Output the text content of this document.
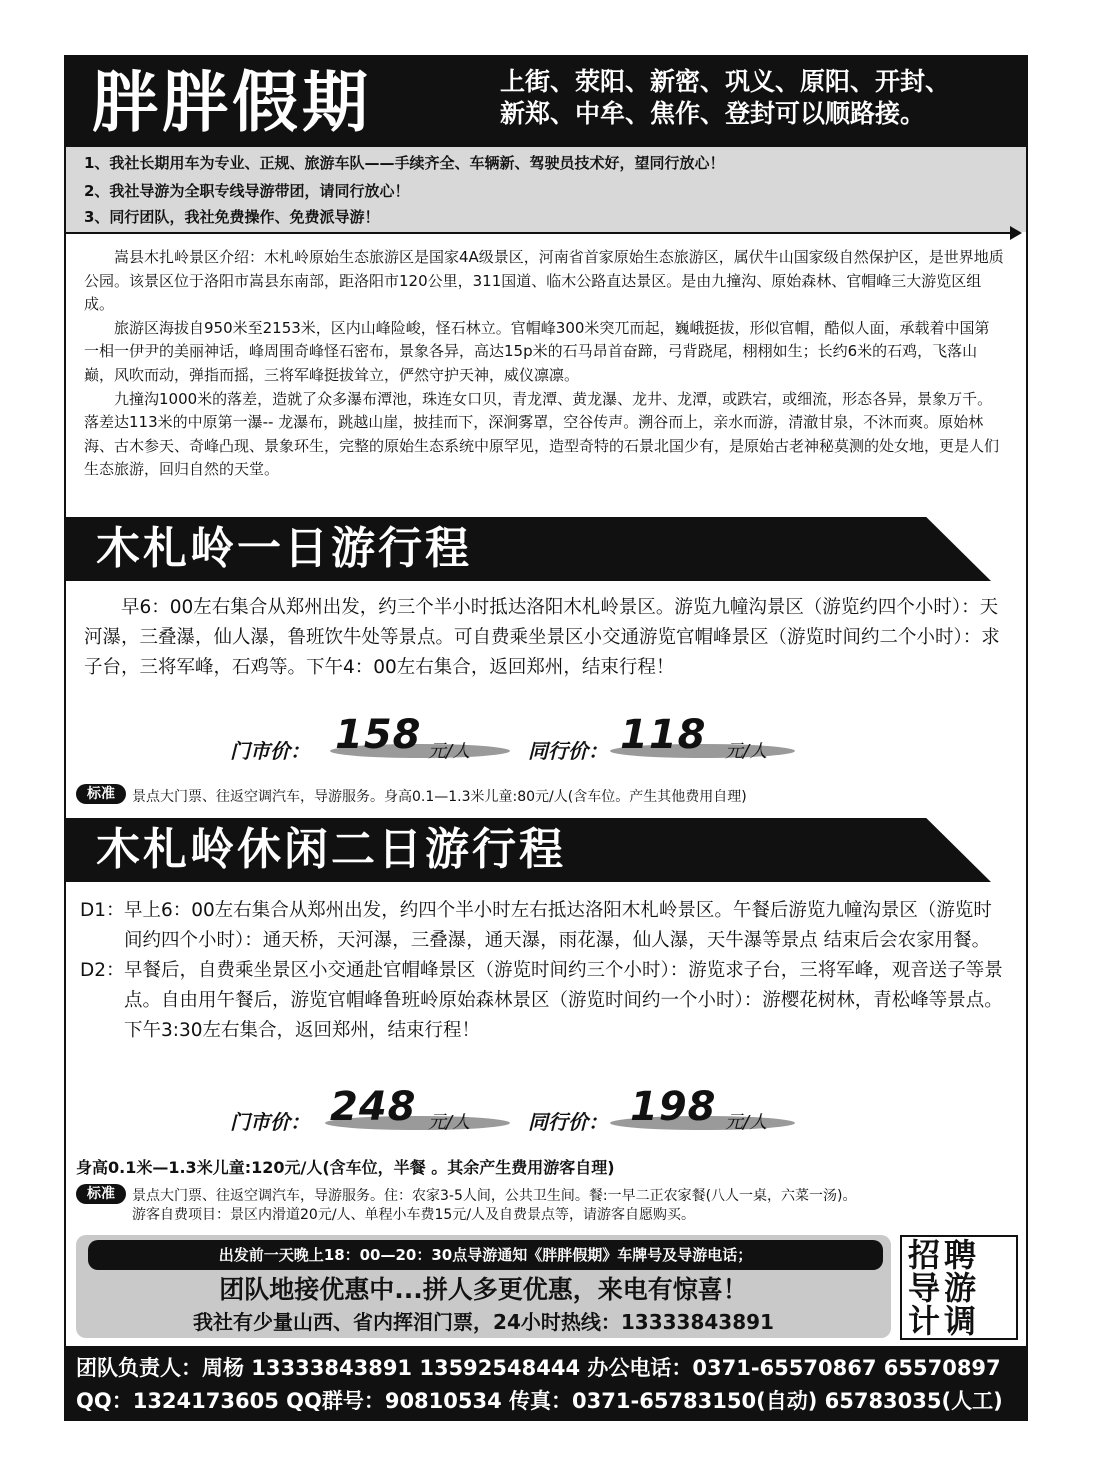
胖胖假期	上街、荥阳、新密、巩义、原阳、开封、
新郑、中牟、焦作、登封可以顺路接。
1、我社长期用车为专业、正规、旅游车队——手续齐全、车辆新、驾驶员技术好，望同行放心！
2、我社导游为全职专线导游带团，请同行放心！
3、同行团队，我社免费操作、免费派导游！

嵩县木扎岭景区介绍：木札岭原始生态旅游区是国家4A级景区，河南省首家原始生态旅游区，属伏牛山国家级自然保护区，是世界地质公园。该景区位于洛阳市嵩县东南部，距洛阳市120公里，311国道、临木公路直达景区。是由九撞沟、原始森林、官帽峰三大游览区组成。

旅游区海拔自950米至2153米，区内山峰险峻，怪石林立。官帽峰300米突兀而起，巍峨挺拔，形似官帽，酷似人面，承载着中国第一相一伊尹的美丽神话，峰周围奇峰怪石密布，景象各异，高达15p米的石马昂首奋蹄，弓背跷尾，栩栩如生；长约6米的石鸡，飞落山巅，风吹而动，弹指而摇，三将军峰挺拔耸立，俨然守护天神，威仪凛凛。

九撞沟1000米的落差，造就了众多瀑布潭池，珠连女口贝，青龙潭、黄龙瀑、龙井、龙潭，或跌宕，或细流，形态各异，景象万千。落差达113米的中原第一瀑-- 龙瀑布，跳越山崖，披挂而下，深涧雾罩，空谷传声。溯谷而上，亲水而游，清澈甘泉，不沐而爽。原始林海、古木参天、奇峰凸现、景象环生，完整的原始生态系统中原罕见，造型奇特的石景北国少有，是原始古老神秘莫测的处女地，更是人们生态旅游，回归自然的天堂。

木札岭一日游行程

早6：00左右集合从郑州出发，约三个半小时抵达洛阳木札岭景区。游览九幢沟景区（游览约四个小时）：天河瀑，三叠瀑，仙人瀑，鲁班饮牛处等景点。可自费乘坐景区小交通游览官帽峰景区（游览时间约二个小时）：求子台，三将军峰，石鸡等。下午4：00左右集合，返回郑州，结束行程！

门市价： 158 元/人	同行价： 118 元/人
标准	景点大门票、往返空调汽车，导游服务。身高0.1—1.3米儿童:80元/人(含车位。产生其他费用自理)
木札岭休闲二日游行程
D1： 早上6：00左右集合从郑州出发，约四个半小时左右抵达洛阳木札岭景区。午餐后游览九幢沟景区（游览时间约四个小时）：通天桥，天河瀑，三叠瀑，通天瀑，雨花瀑，仙人瀑，天牛瀑等景点 结束后会农家用餐。
D2： 早餐后，自费乘坐景区小交通赴官帽峰景区（游览时间约三个小时）：游览求子台，三将军峰，观音送子等景点。自由用午餐后，游览官帽峰鲁班岭原始森林景区（游览时间约一个小时）：游樱花树林，青松峰等景点。下午3:30左右集合，返回郑州，结束行程！
门市价： 248 元/人	同行价： 198 元/人
身高0.1米—1.3米儿童:120元/人(含车位，半餐 。其余产生费用游客自理)
标准	景点大门票、往返空调汽车，导游服务。住：农家3-5人间，公共卫生间。餐:一早二正农家餐(八人一桌，六菜一汤)。
游客自费项目：景区内滑道20元/人、单程小车费15元/人及自费景点等，请游客自愿购买。
出发前一天晚上18：00—20：30点导游通知《胖胖假期》车牌号及导游电话；
团队地接优惠中...拼人多更优惠，来电有惊喜！
我社有少量山西、省内挥泪门票，24小时热线：13333843891
招聘
导游
计调
团队负责人：周杨 13333843891 13592548444 办公电话：0371-65570867 65570897
QQ：1324173605 QQ群号：90810534 传真：0371-65783150(自动) 65783035(人工)
